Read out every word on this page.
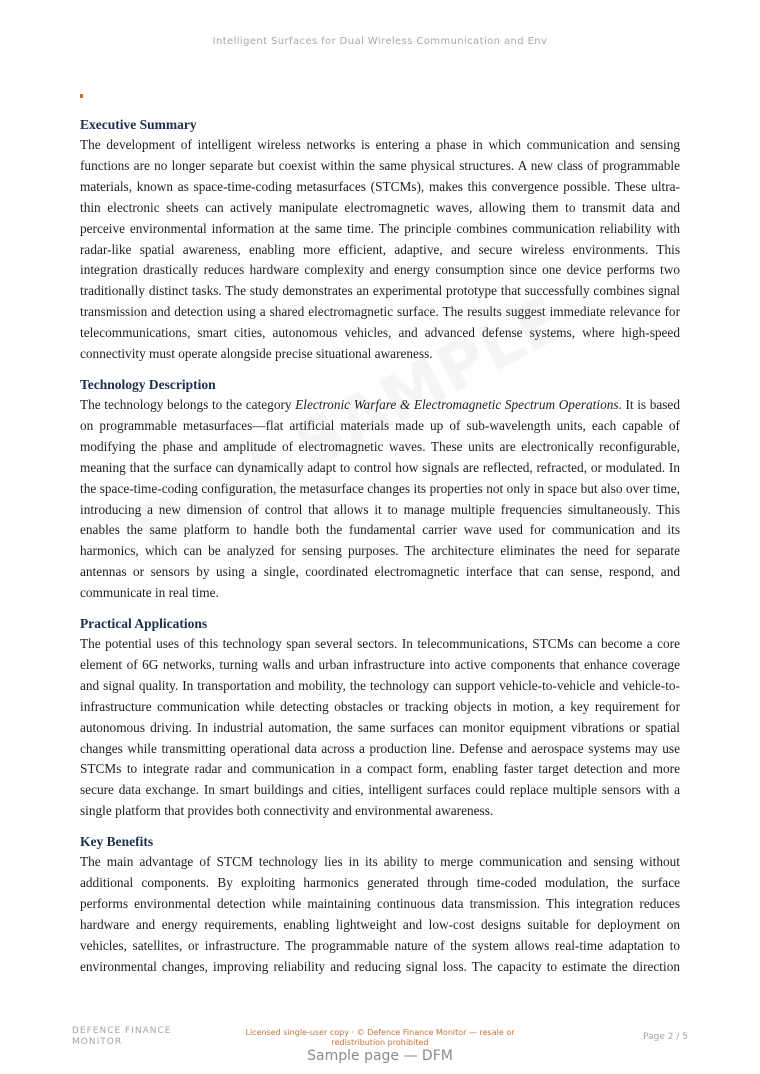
Intelligent Surfaces for Dual Wireless Communication and Env
Executive Summary

The development of intelligent wireless networks is entering a phase in which communication and sensing functions are no longer separate but coexist within the same physical structures. A new class of programmable materials, known as space-time-coding metasurfaces (STCMs), makes this convergence possible. These ultra-thin electronic sheets can actively manipulate electromagnetic waves, allowing them to transmit data and perceive environmental information at the same time. The principle combines communication reliability with radar-like spatial awareness, enabling more efficient, adaptive, and secure wireless environments. This integration drastically reduces hardware complexity and energy consumption since one device performs two traditionally distinct tasks. The study demonstrates an experimental prototype that successfully combines signal transmission and detection using a shared electromagnetic surface. The results suggest immediate relevance for telecommunications, smart cities, autonomous vehicles, and advanced defense systems, where high-speed connectivity must operate alongside precise situational awareness.

Technology Description

The technology belongs to the category Electronic Warfare & Electromagnetic Spectrum Operations. It is based on programmable metasurfaces—flat artificial materials made up of sub-wavelength units, each capable of modifying the phase and amplitude of electromagnetic waves. These units are electronically reconfigurable, meaning that the surface can dynamically adapt to control how signals are reflected, refracted, or modulated. In the space-time-coding configuration, the metasurface changes its properties not only in space but also over time, introducing a new dimension of control that allows it to manage multiple frequencies simultaneously. This enables the same platform to handle both the fundamental carrier wave used for communication and its harmonics, which can be analyzed for sensing purposes. The architecture eliminates the need for separate antennas or sensors by using a single, coordinated electromagnetic interface that can sense, respond, and communicate in real time.

Practical Applications

The potential uses of this technology span several sectors. In telecommunications, STCMs can become a core element of 6G networks, turning walls and urban infrastructure into active components that enhance coverage and signal quality. In transportation and mobility, the technology can support vehicle-to-vehicle and vehicle-to-infrastructure communication while detecting obstacles or tracking objects in motion, a key requirement for autonomous driving. In industrial automation, the same surfaces can monitor equipment vibrations or spatial changes while transmitting operational data across a production line. Defense and aerospace systems may use STCMs to integrate radar and communication in a compact form, enabling faster target detection and more secure data exchange. In smart buildings and cities, intelligent surfaces could replace multiple sensors with a single platform that provides both connectivity and environmental awareness.

Key Benefits

The main advantage of STCM technology lies in its ability to merge communication and sensing without additional components. By exploiting harmonics generated through time-coded modulation, the surface performs environmental detection while maintaining continuous data transmission. This integration reduces hardware and energy requirements, enabling lightweight and low-cost designs suitable for deployment on vehicles, satellites, or infrastructure. The programmable nature of the system allows real-time adaptation to environmental changes, improving reliability and reducing signal loss. The capacity to estimate the direction

DEFENCE FINANCE MONITOR
Licensed single-user copy · © Defence Finance Monitor — resale or redistribution prohibited
Page 2 / 5
Sample page — DFM
